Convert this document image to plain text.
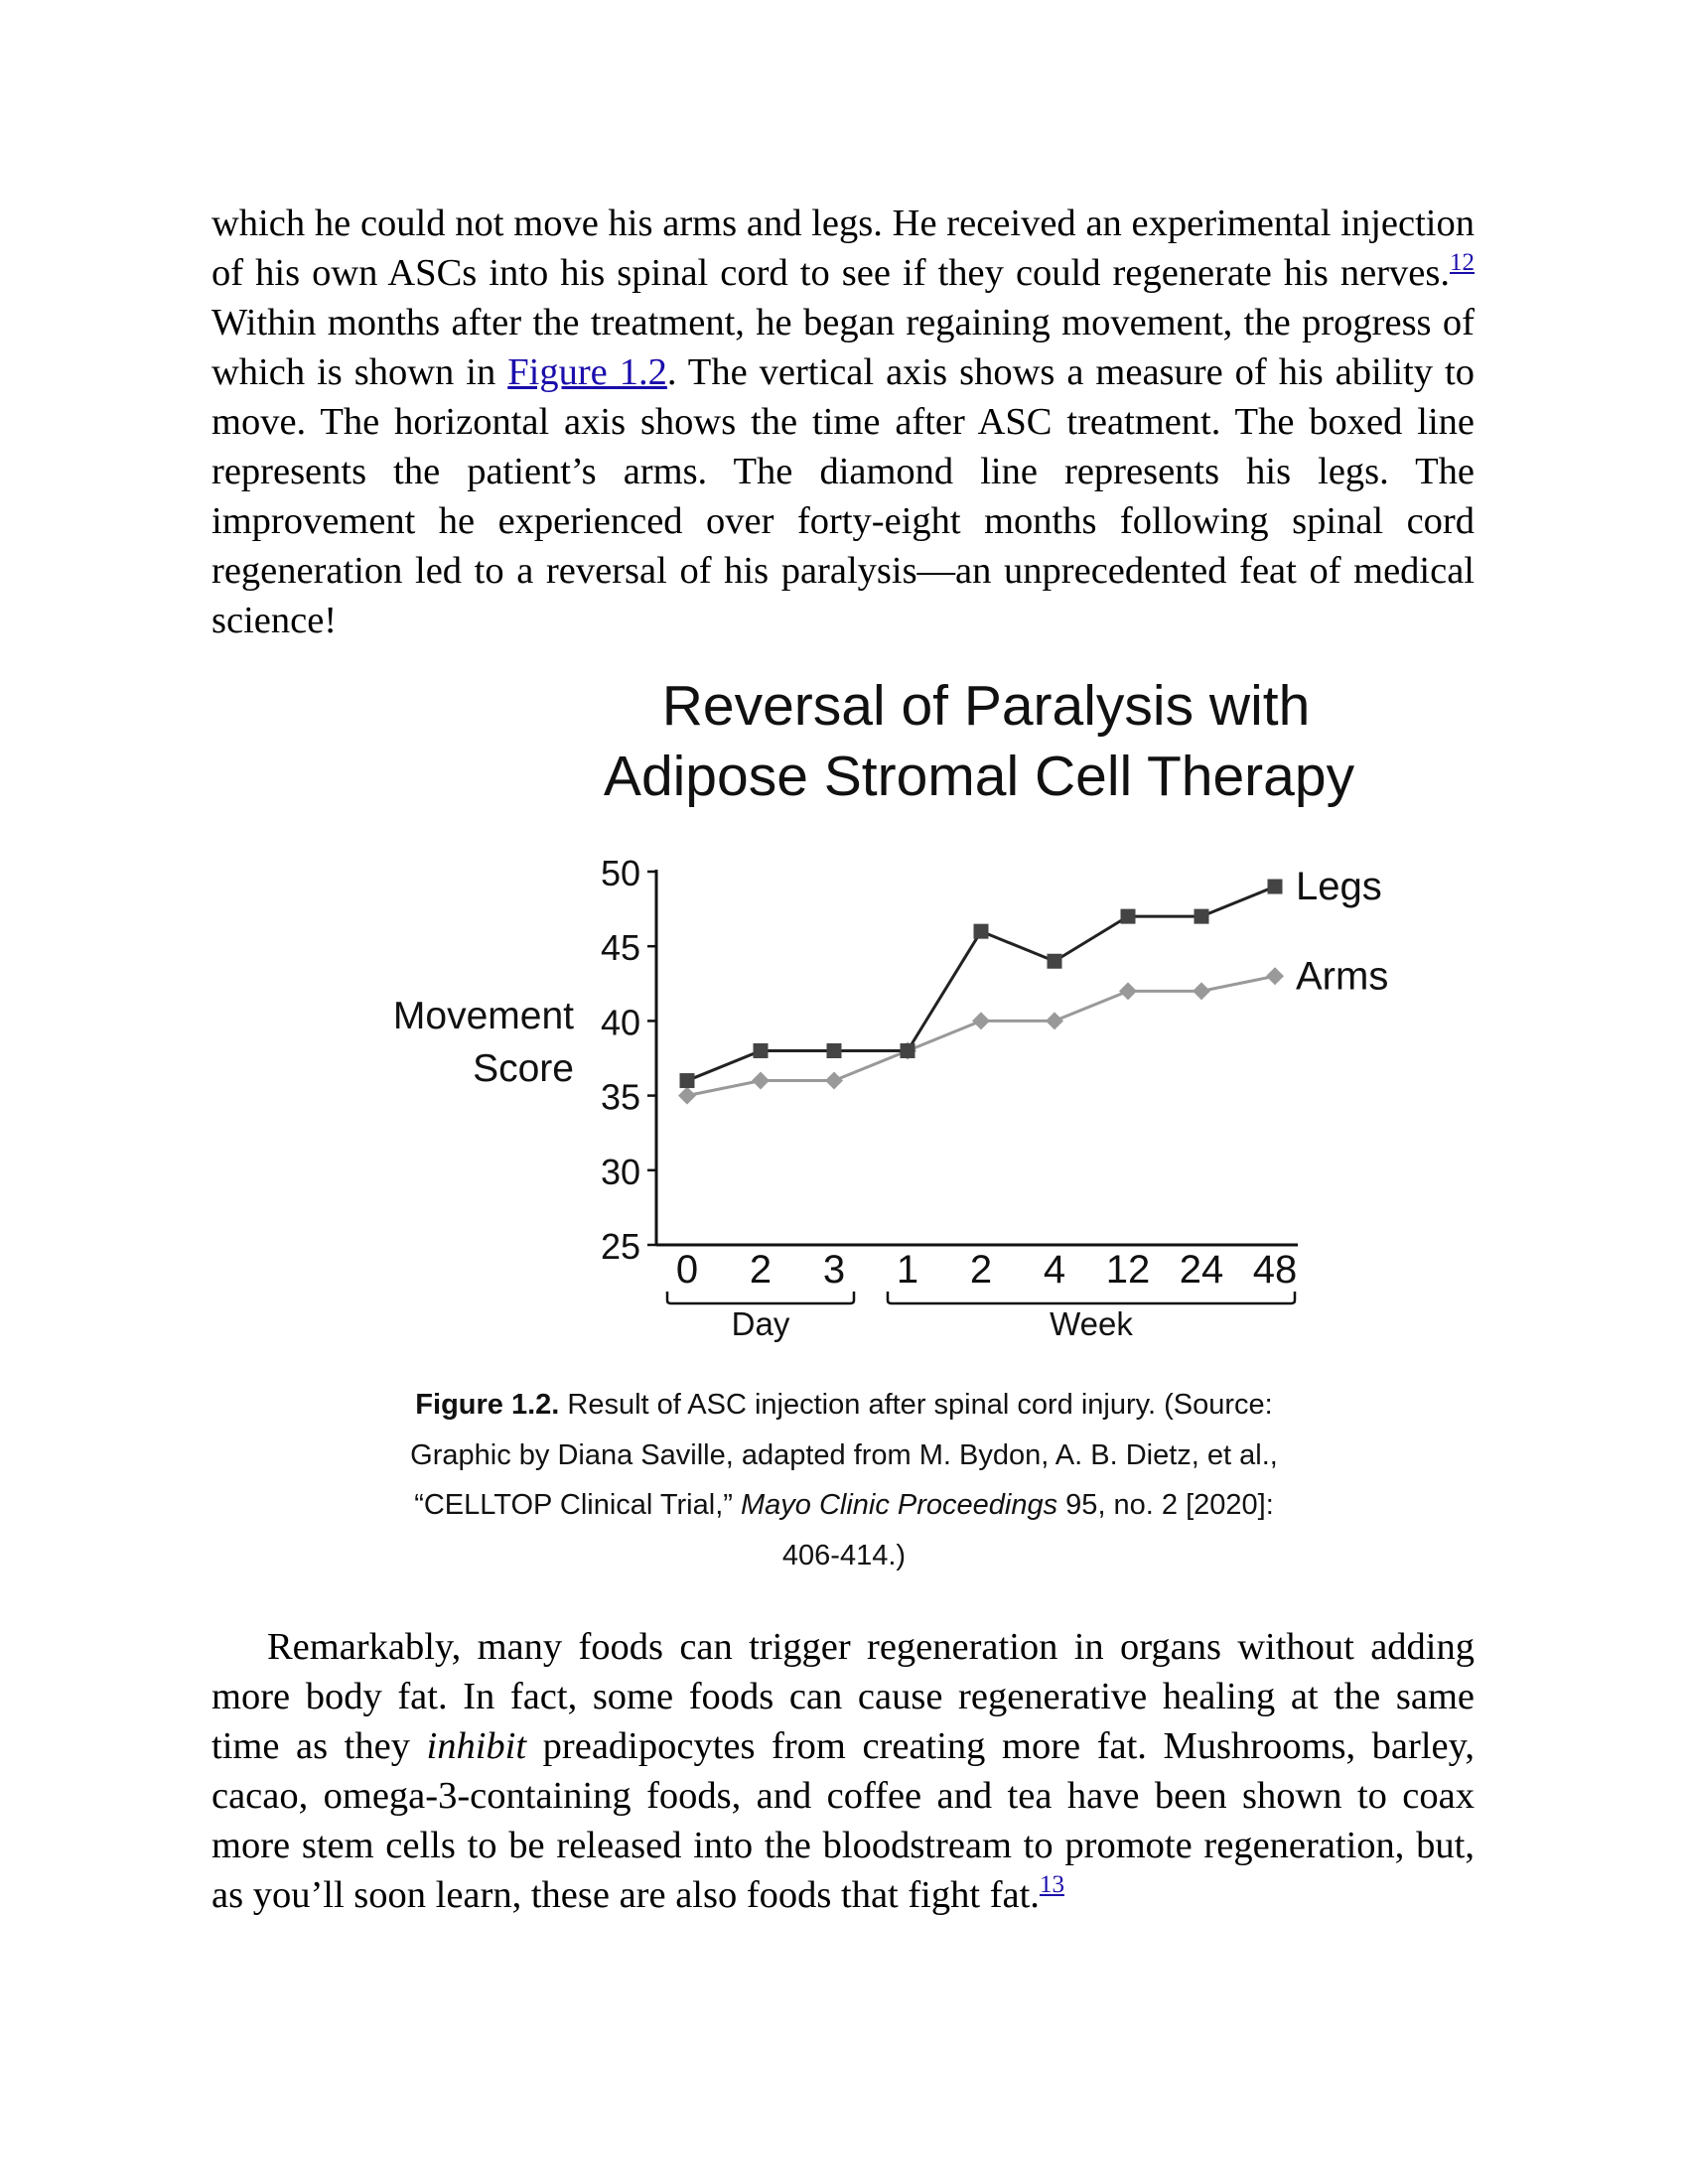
which he could not move his arms and legs. He received an experimental injection of his own ASCs into his spinal cord to see if they could regenerate his nerves.$^{12}$ Within months after the treatment, he began regaining movement, the progress of which is shown in Figure 1.2. The vertical axis shows a measure of his ability to move. The horizontal axis shows the time after ASC treatment. The boxed line represents the patient’s arms. The diamond line represents his legs. The improvement he experienced over forty-eight months following spinal cord regeneration led to a reversal of his paralysis—an unprecedented feat of medical science!

Reversal of Paralysis with
Adipose Stromal Cell Therapy
Movement
Score
0 2 3 1 2 4 12 24 48
25
30
35
40
45
50
Day	Week
Arms
Legs

Figure 1.2. Result of ASC injection after spinal cord injury. (Source: Graphic by Diana Saville, adapted from M. Bydon, A. B. Dietz, et al., “CELLTOP Clinical Trial,” Mayo Clinic Proceedings 95, no. 2 [2020]: 406-414.)

Remarkably, many foods can trigger regeneration in organs without adding more body fat. In fact, some foods can cause regenerative healing at the same time as they inhibit preadipocytes from creating more fat. Mushrooms, barley, cacao, omega-3-containing foods, and coffee and tea have been shown to coax more stem cells to be released into the bloodstream to promote regeneration, but, as you’ll soon learn, these are also foods that fight fat.$^{13}$
